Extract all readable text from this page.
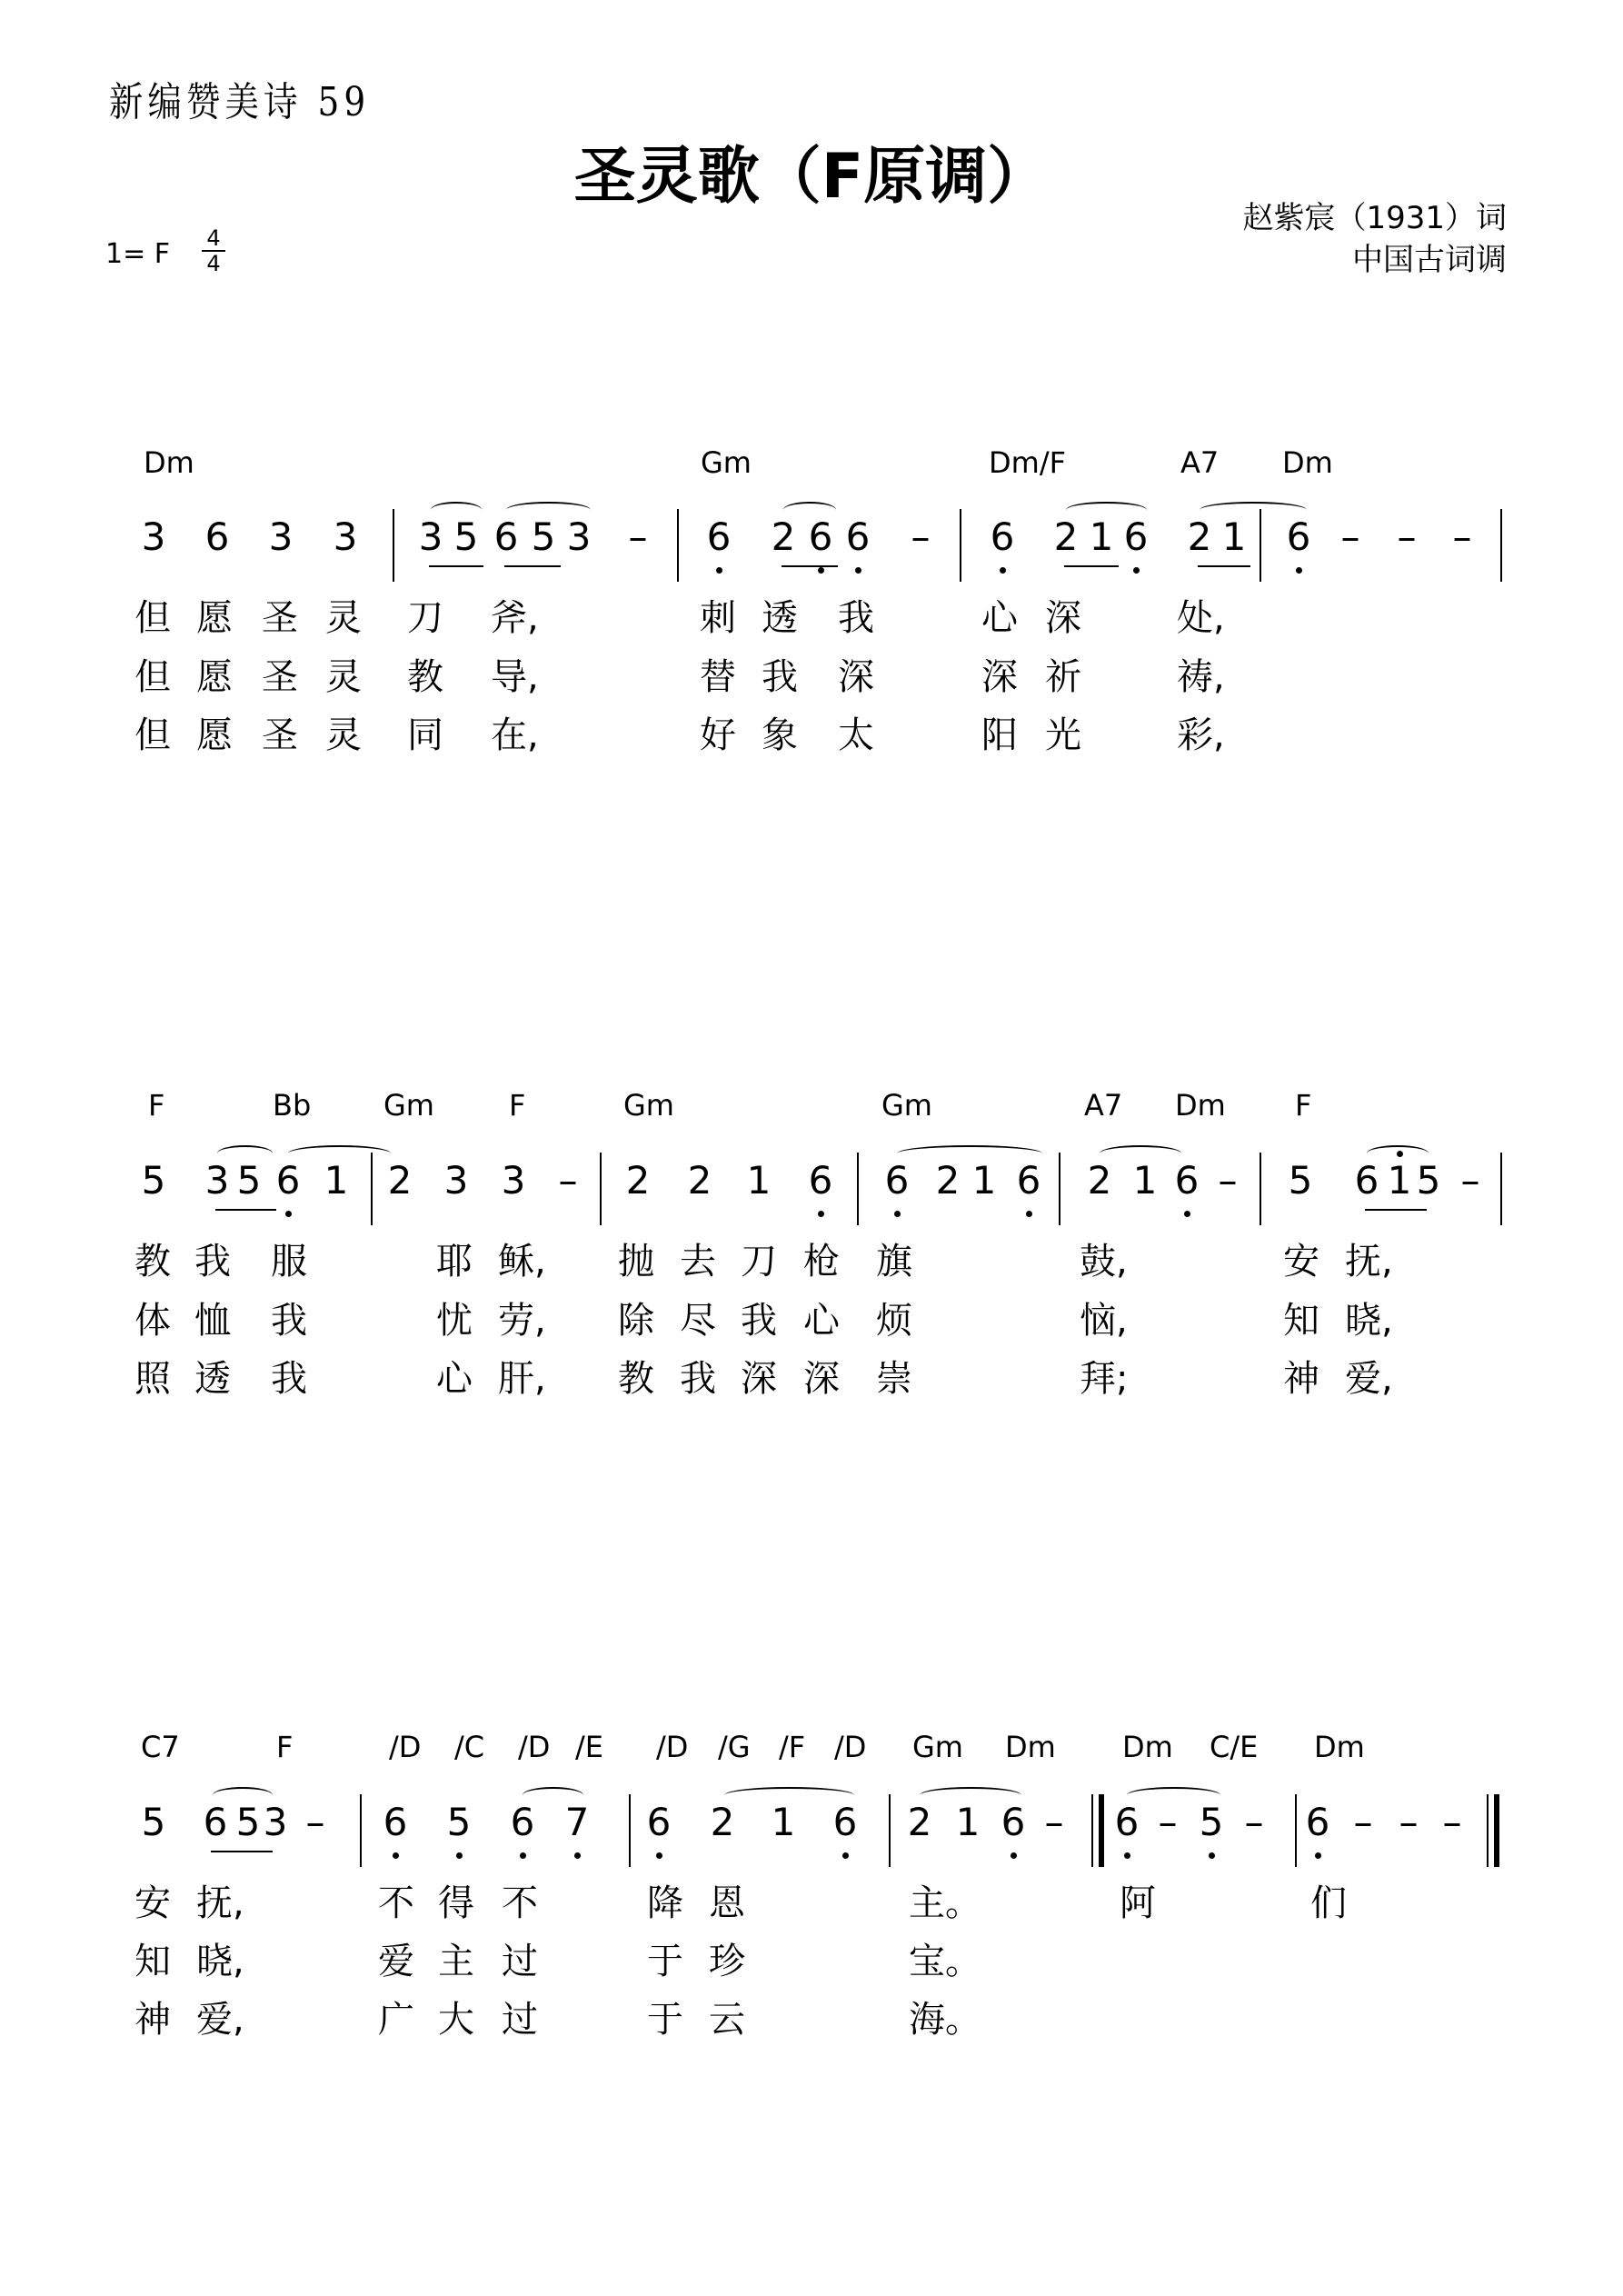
新编赞美诗 59
圣灵歌（F原调）
赵紫宸（1931）词
中国古词调
1= F 4
4
Dm	Gm	Dm/F	A7 Dm
3 6 3 3 3 5 6 5 3 – 6 2 6 6 – 6 2 1 6 2 1 6 – – –
但 愿 圣 灵 刀 斧,	刺 透 我	心 深	处,
但 愿 圣 灵 教 导,	替 我 深	深 祈	祷,
但 愿 圣 灵 同 在,	好 象 太	阳 光	彩,
F	Bb Gm	F	Gm	Gm	A7 Dm F
5 3 5 6 1 2 3 3 – 2 2 1 6 6 2 1 6 2 1 6 – 5 6 1 5 –
教 我 服	耶 稣, 抛 去 刀 枪 旗	鼓,	安 抚,
体 恤 我	忧 劳, 除 尽 我 心 烦	恼,	知 晓,
照 透 我	心 肝, 教 我 深 深 崇	拜;	神 爱,
C7	F	/D /C /D /E /D /G /F /D Gm Dm Dm C/E Dm
5 6 5 3 – 6 5 6 7 6 2 1 6 2 1 6 – 6 – 5 – 6 – – –
安 抚,	不 得 不	降 恩	主。	阿	们
知 晓,	爱 主 过	于 珍	宝。
神 爱,	广 大 过	于 云	海。
